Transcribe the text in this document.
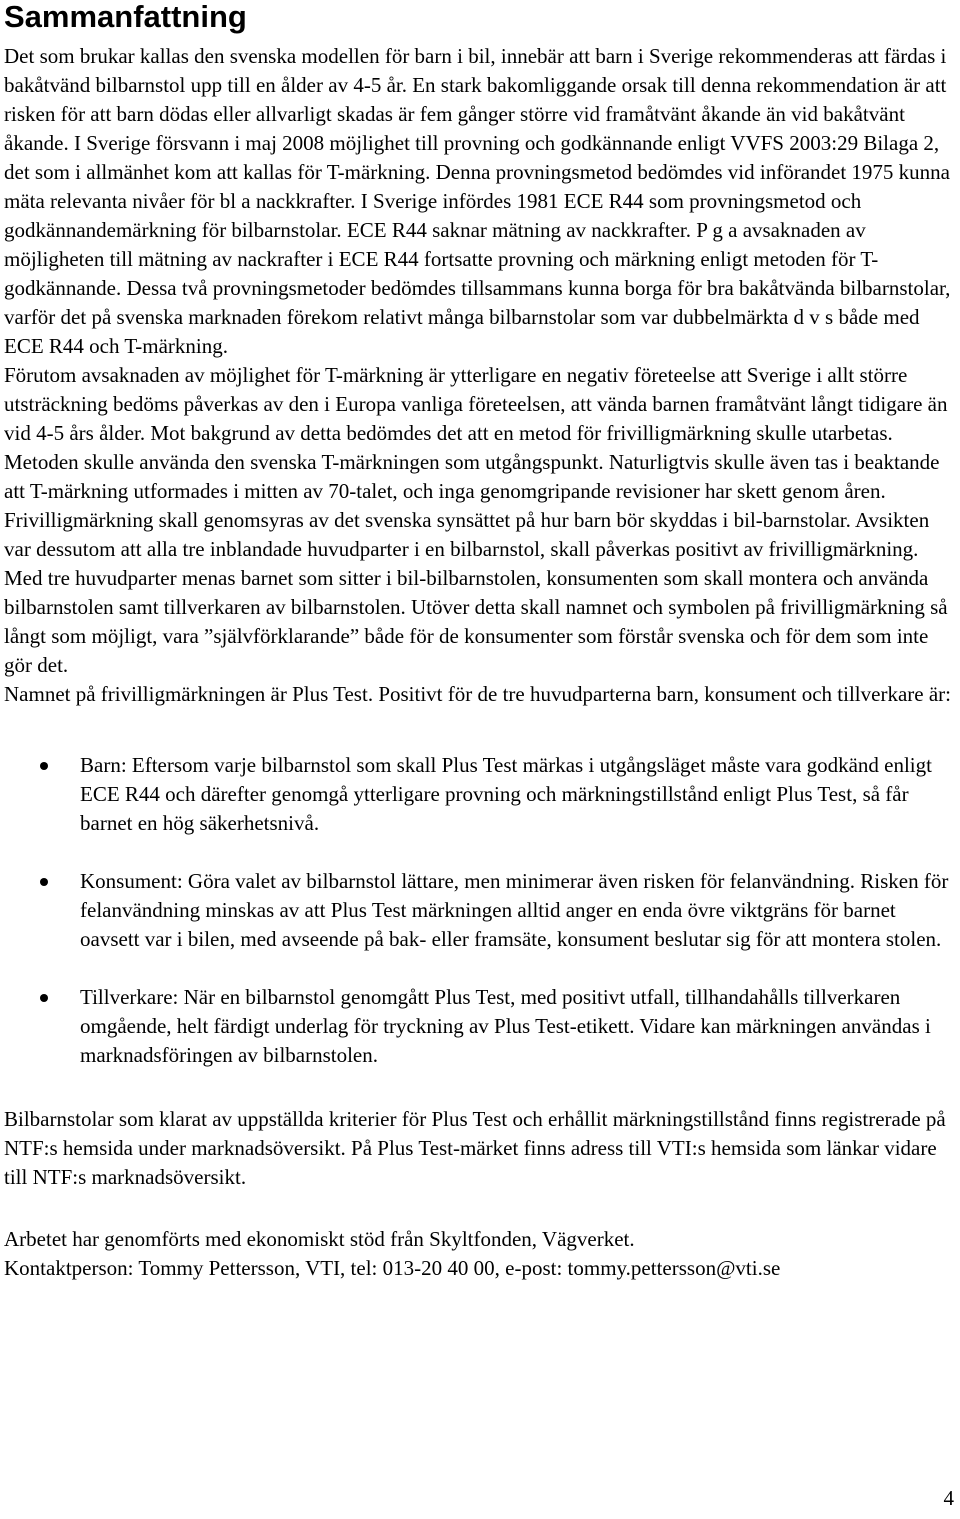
Sammanfattning

Det som brukar kallas den svenska modellen för barn i bil, innebär att barn i Sverige rekommenderas att färdas i bakåtvänd bilbarnstol upp till en ålder av 4-5 år. En stark bakomliggande orsak till denna rekommendation är att risken för att barn dödas eller allvarligt skadas är fem gånger större vid framåtvänt åkande än vid bakåtvänt åkande. I Sverige försvann i maj 2008 möjlighet till provning och godkännande enligt VVFS 2003:29 Bilaga 2, det som i allmänhet kom att kallas för T-märkning. Denna provningsmetod bedömdes vid införandet 1975 kunna mäta relevanta nivåer för bl a nackkrafter. I Sverige infördes 1981 ECE R44 som provningsmetod och godkännandemärkning för bilbarnstolar. ECE R44 saknar mätning av nackkrafter. P g a avsaknaden av möjligheten till mätning av nackrafter i ECE R44 fortsatte provning och märkning enligt metoden för T-godkännande. Dessa två provningsmetoder bedömdes tillsammans kunna borga för bra bakåtvända bilbarnstolar, varför det på svenska marknaden förekom relativt många bilbarnstolar som var dubbelmärkta d v s både med ECE R44 och T-märkning.

Förutom avsaknaden av möjlighet för T-märkning är ytterligare en negativ företeelse att Sverige i allt större utsträckning bedöms påverkas av den i Europa vanliga företeelsen, att vända barnen framåtvänt långt tidigare än vid 4-5 års ålder. Mot bakgrund av detta bedömdes det att en metod för frivilligmärkning skulle utarbetas. Metoden skulle använda den svenska T-märkningen som utgångspunkt. Naturligtvis skulle även tas i beaktande att T-märkning utformades i mitten av 70-talet, och inga genomgripande revisioner har skett genom åren. Frivilligmärkning skall genomsyras av det svenska synsättet på hur barn bör skyddas i bil-barnstolar. Avsikten var dessutom att alla tre inblandade huvudparter i en bilbarnstol, skall påverkas positivt av frivilligmärkning. Med tre huvudparter menas barnet som sitter i bil-bilbarnstolen, konsumenten som skall montera och använda bilbarnstolen samt tillverkaren av bilbarnstolen. Utöver detta skall namnet och symbolen på frivilligmärkning så långt som möjligt, vara ”självförklarande” både för de konsumenter som förstår svenska och för dem som inte gör det.

Namnet på frivilligmärkningen är Plus Test. Positivt för de tre huvudparterna barn, konsument och tillverkare är:

Barn: Eftersom varje bilbarnstol som skall Plus Test märkas i utgångsläget måste vara godkänd enligt ECE R44 och därefter genomgå ytterligare provning och märkningstillstånd enligt Plus Test, så får barnet en hög säkerhetsnivå.
Konsument: Göra valet av bilbarnstol lättare, men minimerar även risken för felanvändning. Risken för felanvändning minskas av att Plus Test märkningen alltid anger en enda övre viktgräns för barnet oavsett var i bilen, med avseende på bak- eller framsäte, konsument beslutar sig för att montera stolen.
Tillverkare: När en bilbarnstol genomgått Plus Test, med positivt utfall, tillhandahålls tillverkaren omgående, helt färdigt underlag för tryckning av Plus Test-etikett. Vidare kan märkningen användas i marknadsföringen av bilbarnstolen.

Bilbarnstolar som klarat av uppställda kriterier för Plus Test och erhållit märkningstillstånd finns registrerade på NTF:s hemsida under marknadsöversikt. På Plus Test-märket finns adress till VTI:s hemsida som länkar vidare till NTF:s marknadsöversikt.

Arbetet har genomförts med ekonomiskt stöd från Skyltfonden, Vägverket.

Kontaktperson: Tommy Pettersson, VTI, tel: 013-20 40 00, e-post: tommy.pettersson@vti.se

4
